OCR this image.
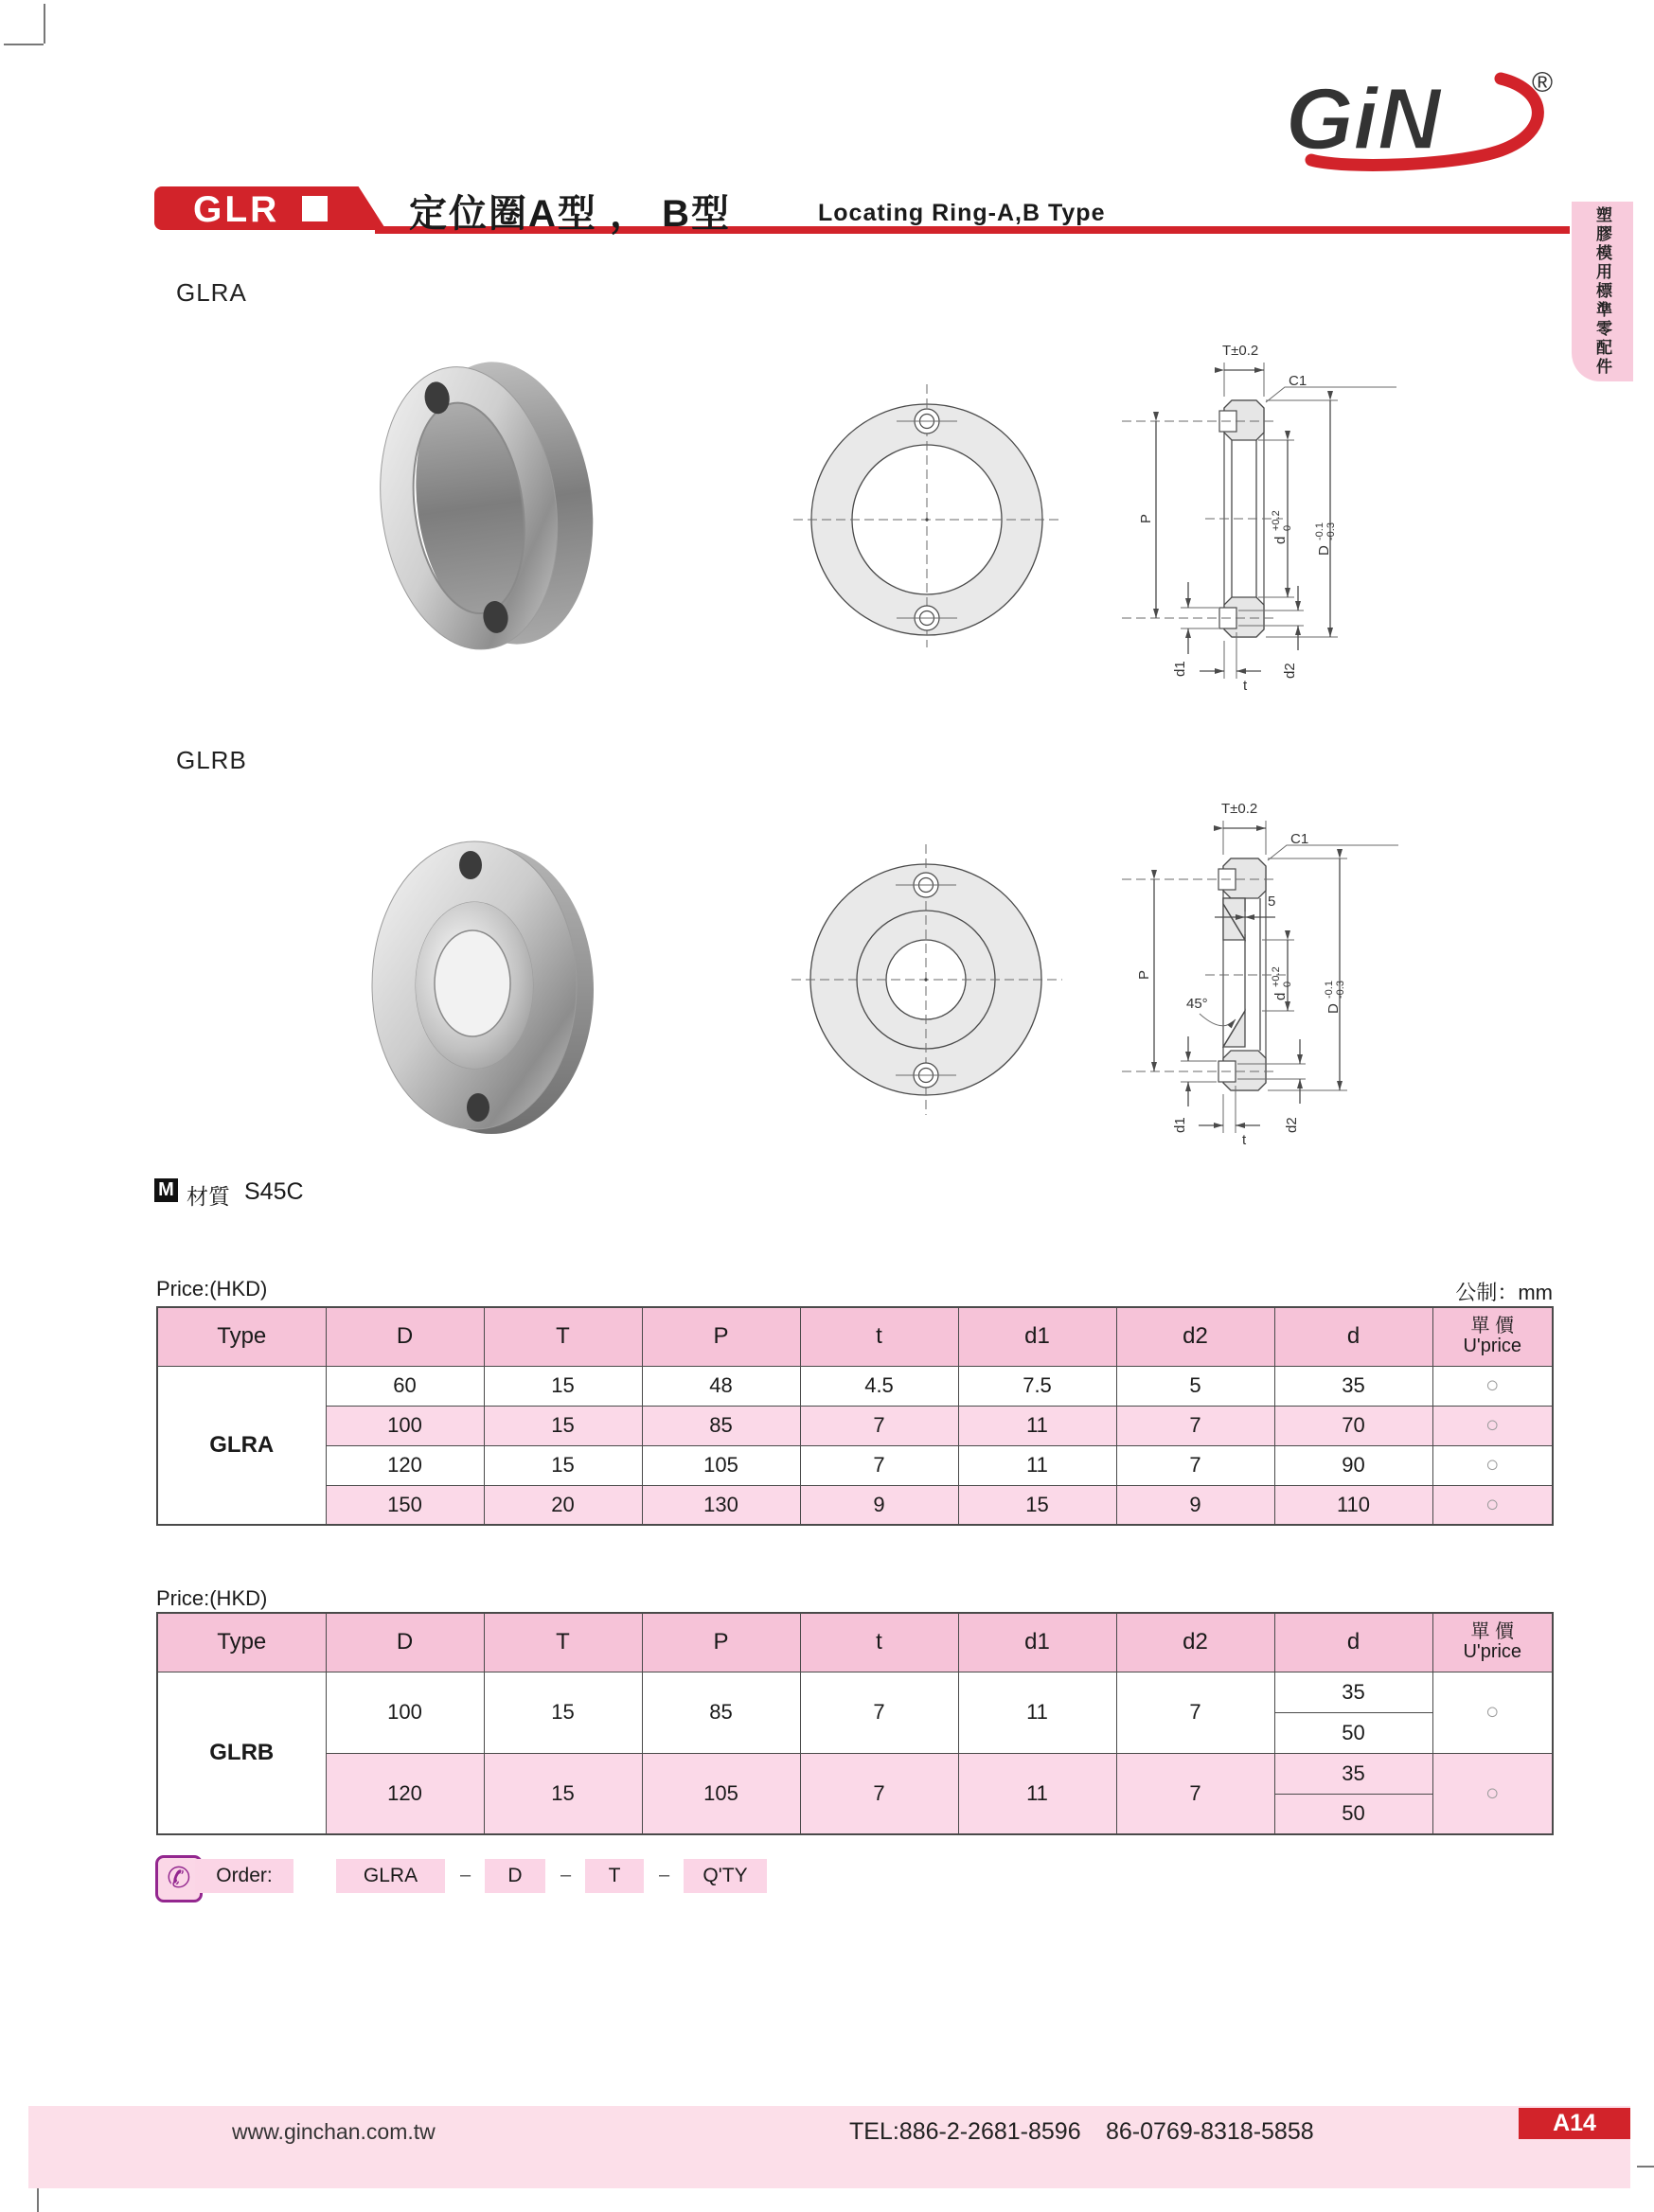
GiN	®
GLR	定位圈A型 ， B型	Locating Ring-A,B Type	塑膠模用標準零配件
GLRA
T±0.2
C1
d
+0.2 0
D
-0.1 -0.3
P
d1
t
d2
GLRB
T±0.2
C1
5
d
+0.2 0
D
-0.1 -0.3
45°
P
d1
t
d2
M 材質 S45C
Price:(HKD)	公制：mm
Type	D	T	P	t	d1	d2	d	單 價
U'price

GLRA	60	15	48	4.5	7.5	5	35	○
	100	15	85	7	11	7	70	○
	120	15	105	7	11	7	90	○
	150	20	130	9	15	9	110	○
Price:(HKD)
Type	D	T	P	t	d1	d2	d	單 價
U'price

GLRB	100	15	85	7	11	7	35	○
							50	
	120	15	105	7	11	7	35	○
							50	
✆	Order:	GLRA	–	D	–	T	–	Q'TY
www.ginchan.com.tw	TEL:886-2-2681-8596 86-0769-8318-5858	A14
